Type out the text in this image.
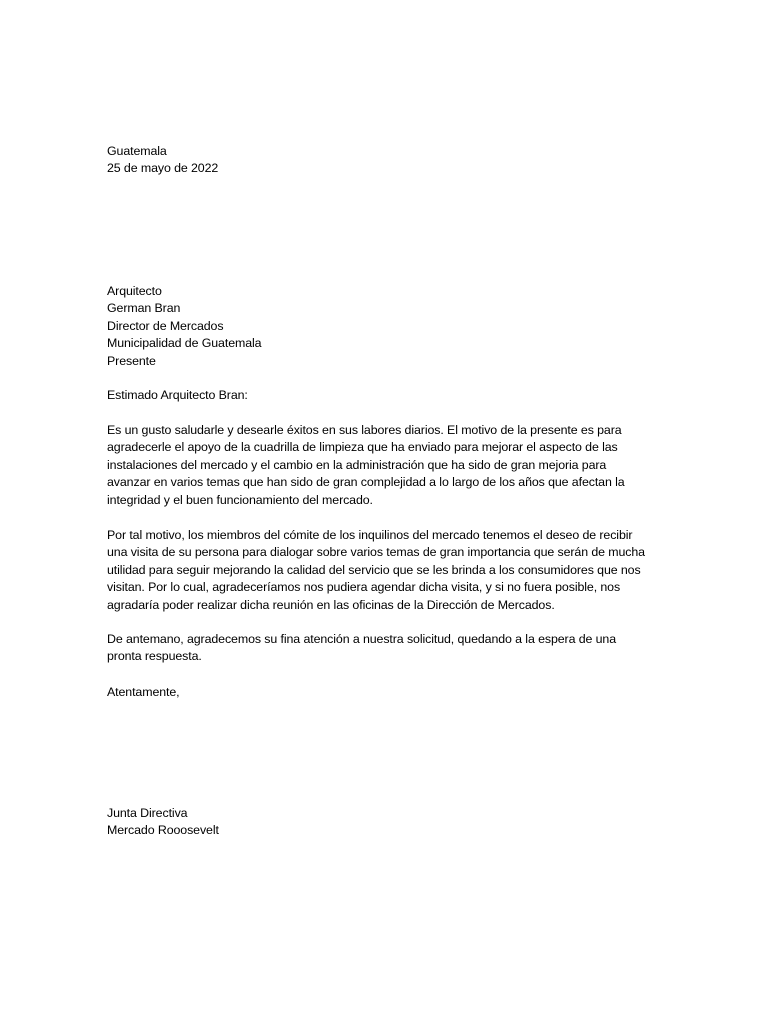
Guatemala
25 de mayo de 2022
Arquitecto
German Bran
Director de Mercados
Municipalidad de Guatemala
Presente
Estimado Arquitecto Bran:
Es un gusto saludarle y desearle éxitos en sus labores diarios. El motivo de la presente es para
agradecerle el apoyo de la cuadrilla de limpieza que ha enviado para mejorar el aspecto de las
instalaciones del mercado y el cambio en la administración que ha sido de gran mejoria para
avanzar en varios temas que han sido de gran complejidad a lo largo de los años que afectan la
integridad y el buen funcionamiento del mercado.
Por tal motivo, los miembros del cómite de los inquilinos del mercado tenemos el deseo de recibir
una visita de su persona para dialogar sobre varios temas de gran importancia que serán de mucha
utilidad para seguir mejorando la calidad del servicio que se les brinda a los consumidores que nos
visitan. Por lo cual, agradeceríamos nos pudiera agendar dicha visita, y si no fuera posible, nos
agradaría poder realizar dicha reunión en las oficinas de la Dirección de Mercados.
De antemano, agradecemos su fina atención a nuestra solicitud, quedando a la espera de una
pronta respuesta.
Atentamente,
Junta Directiva
Mercado Rooosevelt
